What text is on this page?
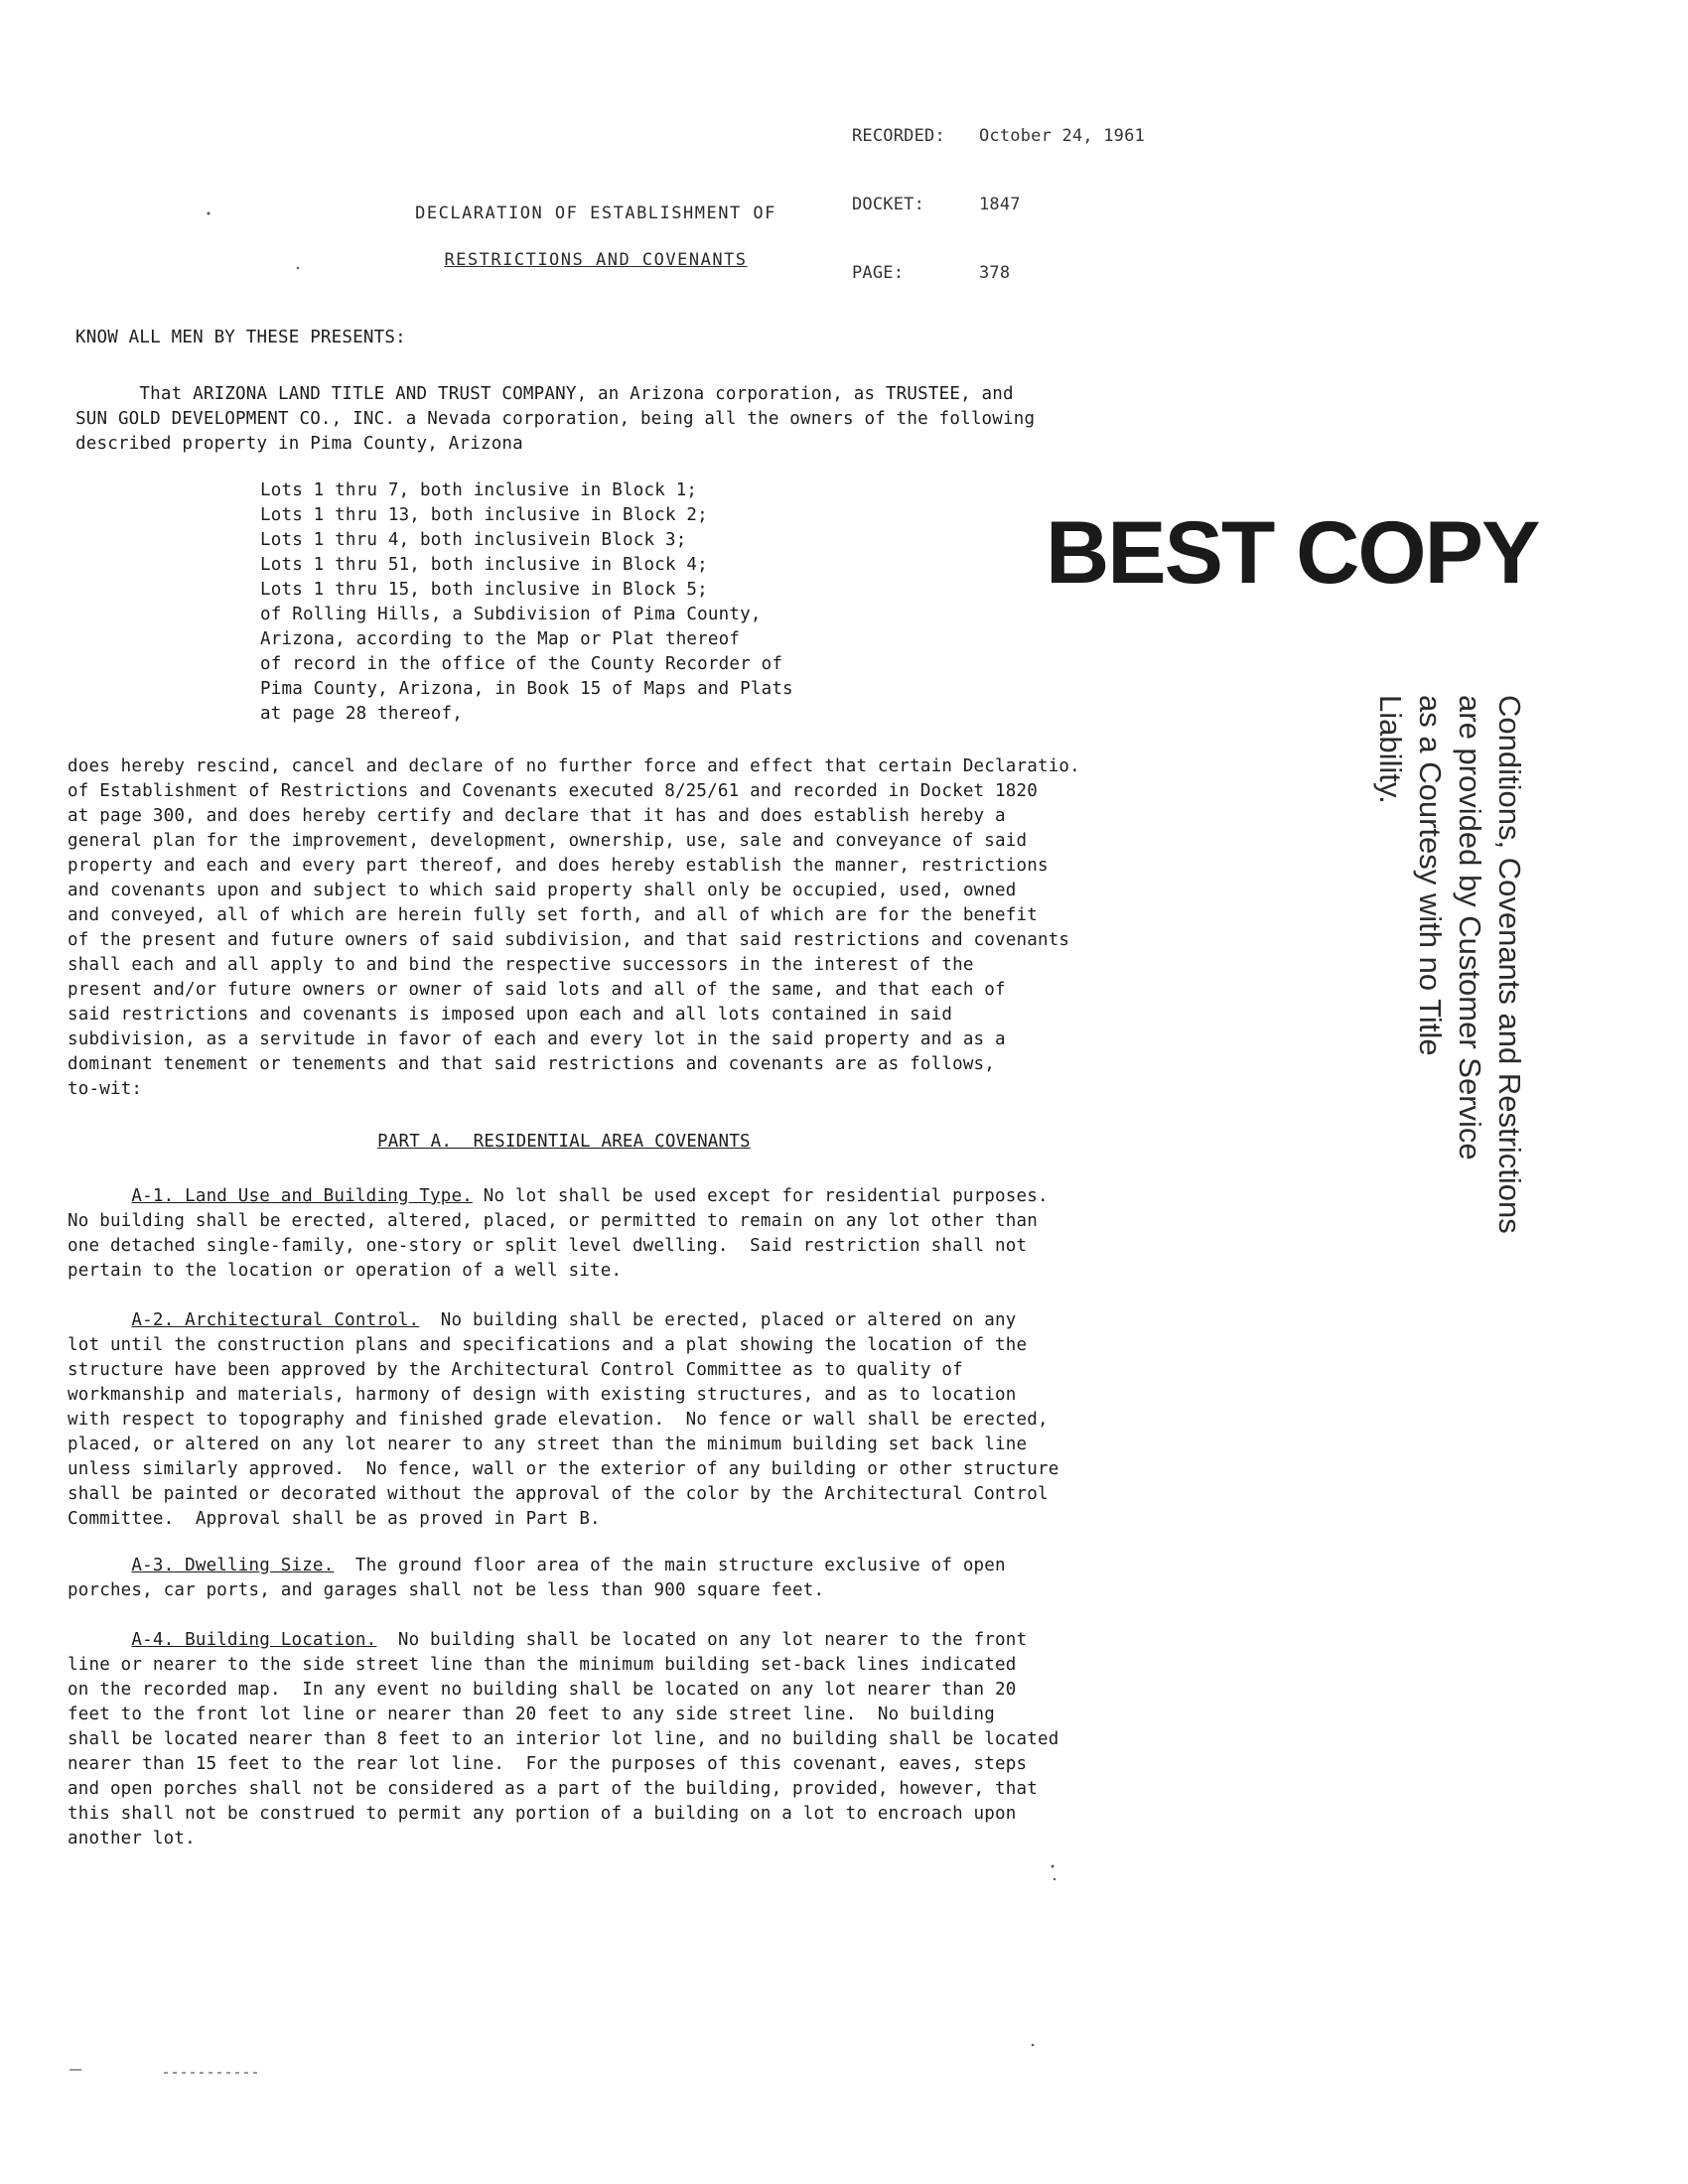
RECORDED:	October 24, 1961

DOCKET:	1847

PAGE:	378

DECLARATION OF ESTABLISHMENT OF
RESTRICTIONS AND COVENANTS
KNOW ALL MEN BY THESE PRESENTS:
That ARIZONA LAND TITLE AND TRUST COMPANY, an Arizona corporation, as TRUSTEE, and
SUN GOLD DEVELOPMENT CO., INC. a Nevada corporation, being all the owners of the following
described property in Pima County, Arizona
Lots 1 thru 7, both inclusive in Block 1;
Lots 1 thru 13, both inclusive in Block 2;
Lots 1 thru 4, both inclusivein Block 3;
Lots 1 thru 51, both inclusive in Block 4;
Lots 1 thru 15, both inclusive in Block 5;
of Rolling Hills, a Subdivision of Pima County,
Arizona, according to the Map or Plat thereof
of record in the office of the County Recorder of
Pima County, Arizona, in Book 15 of Maps and Plats
at page 28 thereof,
BEST COPY
Conditions, Covenants and Restrictions
are provided by Customer Service
as a Courtesy with no Title
Liability.
does hereby rescind, cancel and declare of no further force and effect that certain Declaratio.
of Establishment of Restrictions and Covenants executed 8/25/61 and recorded in Docket 1820
at page 300, and does hereby certify and declare that it has and does establish hereby a
general plan for the improvement, development, ownership, use, sale and conveyance of said
property and each and every part thereof, and does hereby establish the manner, restrictions
and covenants upon and subject to which said property shall only be occupied, used, owned
and conveyed, all of which are herein fully set forth, and all of which are for the benefit
of the present and future owners of said subdivision, and that said restrictions and covenants
shall each and all apply to and bind the respective successors in the interest of the
present and/or future owners or owner of said lots and all of the same, and that each of
said restrictions and covenants is imposed upon each and all lots contained in said
subdivision, as a servitude in favor of each and every lot in the said property and as a
dominant tenement or tenements and that said restrictions and covenants are as follows,
to-wit:
PART A.  RESIDENTIAL AREA COVENANTS
A-1. Land Use and Building Type. No lot shall be used except for residential purposes.
No building shall be erected, altered, placed, or permitted to remain on any lot other than
one detached single-family, one-story or split level dwelling.  Said restriction shall not
pertain to the location or operation of a well site.
A-2. Architectural Control.  No building shall be erected, placed or altered on any
lot until the construction plans and specifications and a plat showing the location of the
structure have been approved by the Architectural Control Committee as to quality of
workmanship and materials, harmony of design with existing structures, and as to location
with respect to topography and finished grade elevation.  No fence or wall shall be erected,
placed, or altered on any lot nearer to any street than the minimum building set back line
unless similarly approved.  No fence, wall or the exterior of any building or other structure
shall be painted or decorated without the approval of the color by the Architectural Control
Committee.  Approval shall be as proved in Part B.
A-3. Dwelling Size.  The ground floor area of the main structure exclusive of open
porches, car ports, and garages shall not be less than 900 square feet.
A-4. Building Location.  No building shall be located on any lot nearer to the front
line or nearer to the side street line than the minimum building set-back lines indicated
on the recorded map.  In any event no building shall be located on any lot nearer than 20
feet to the front lot line or nearer than 20 feet to any side street line.  No building
shall be located nearer than 8 feet to an interior lot line, and no building shall be located
nearer than 15 feet to the rear lot line.  For the purposes of this covenant, eaves, steps
and open porches shall not be considered as a part of the building, provided, however, that
this shall not be construed to permit any portion of a building on a lot to encroach upon
another lot.
